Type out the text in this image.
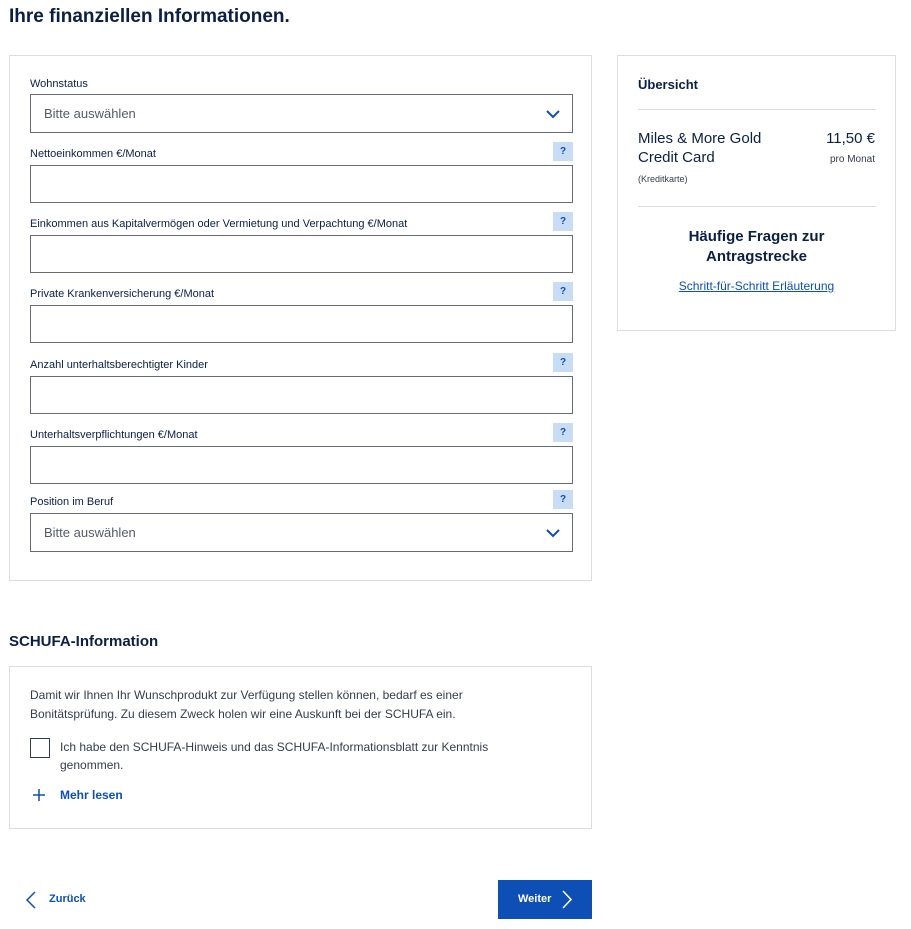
Ihre finanziellen Informationen.
Wohnstatus
Bitte auswählen
Nettoeinkommen €/Monat	?
Einkommen aus Kapitalvermögen oder Vermietung und Verpachtung €/Monat	?
Private Krankenversicherung €/Monat	?
Anzahl unterhaltsberechtigter Kinder	?
Unterhaltsverpflichtungen €/Monat	?
Position im Beruf	?
Bitte auswählen
Übersicht
Miles & More Gold Credit Card
(Kreditkarte)
11,50 €
pro Monat
Häufige Fragen zur Antragstrecke
Schritt-für-Schritt Erläuterung
SCHUFA-Information

Damit wir Ihnen Ihr Wunschprodukt zur Verfügung stellen können, bedarf es einer Bonitätsprüfung. Zu diesem Zweck holen wir eine Auskunft bei der SCHUFA ein.

Ich habe den SCHUFA-Hinweis und das SCHUFA-Informationsblatt zur Kenntnis genommen.
Mehr lesen
Zurück	Weiter
